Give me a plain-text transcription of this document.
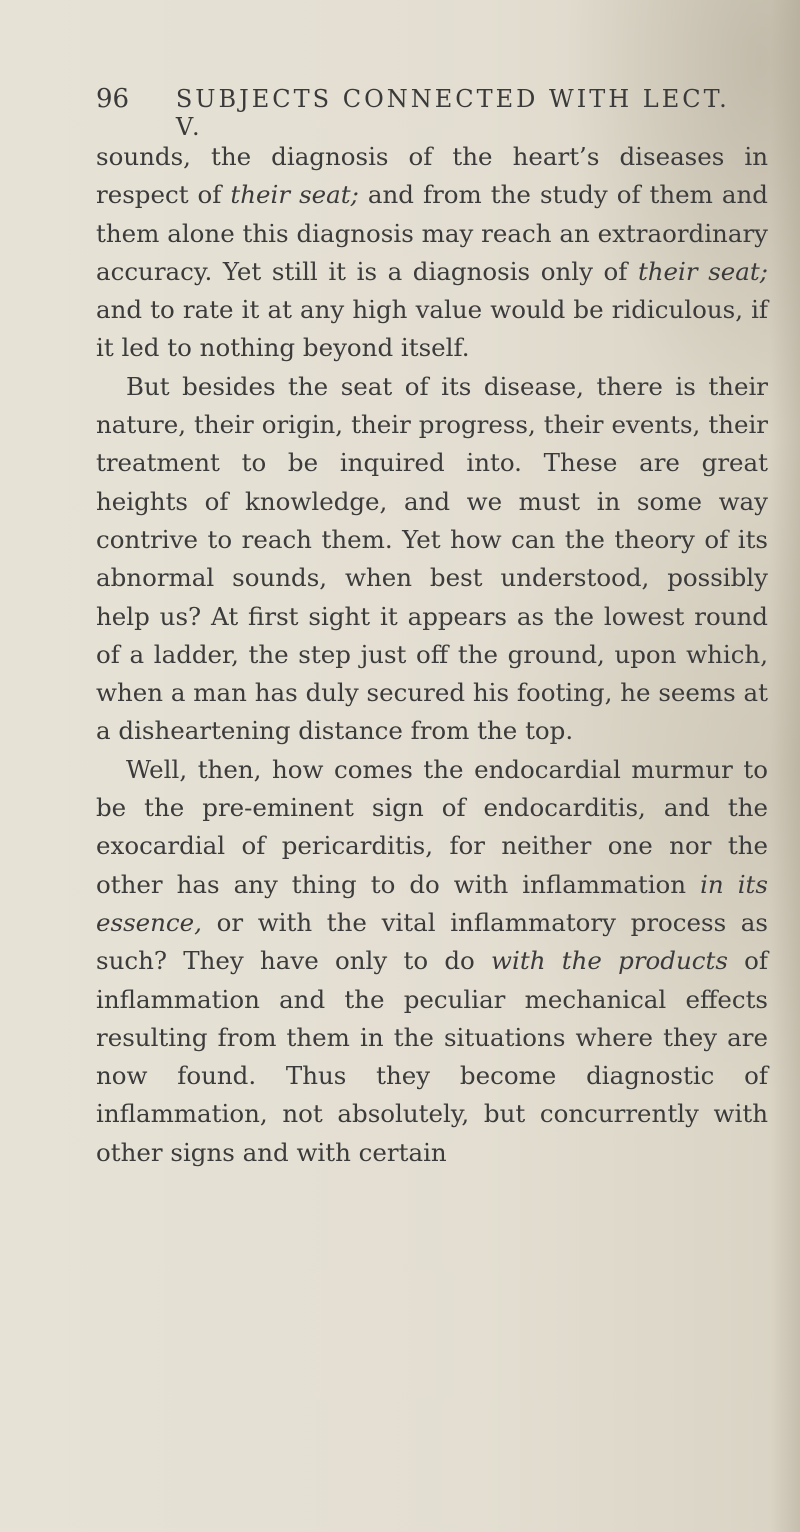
96	SUBJECTS CONNECTED WITH LECT. V.

sounds, the diagnosis of the heart’s diseases in respect of their seat; and from the study of them and them alone this diagnosis may reach an extraordinary accuracy. Yet still it is a diagnosis only of their seat; and to rate it at any high value would be ridiculous, if it led to nothing beyond itself.

But besides the seat of its disease, there is their nature, their origin, their progress, their events, their treatment to be inquired into. These are great heights of knowledge, and we must in some way contrive to reach them. Yet how can the theory of its abnormal sounds, when best understood, possibly help us? At first sight it appears as the lowest round of a ladder, the step just off the ground, upon which, when a man has duly secured his footing, he seems at a disheartening distance from the top.

Well, then, how comes the endocardial murmur to be the pre-eminent sign of endocarditis, and the exocardial of pericarditis, for neither one nor the other has any thing to do with inflammation in its essence, or with the vital inflammatory process as such? They have only to do with the products of inflammation and the peculiar mechanical effects resulting from them in the situations where they are now found. Thus they become diagnostic of inflammation, not absolutely, but concurrently with other signs and with certain
